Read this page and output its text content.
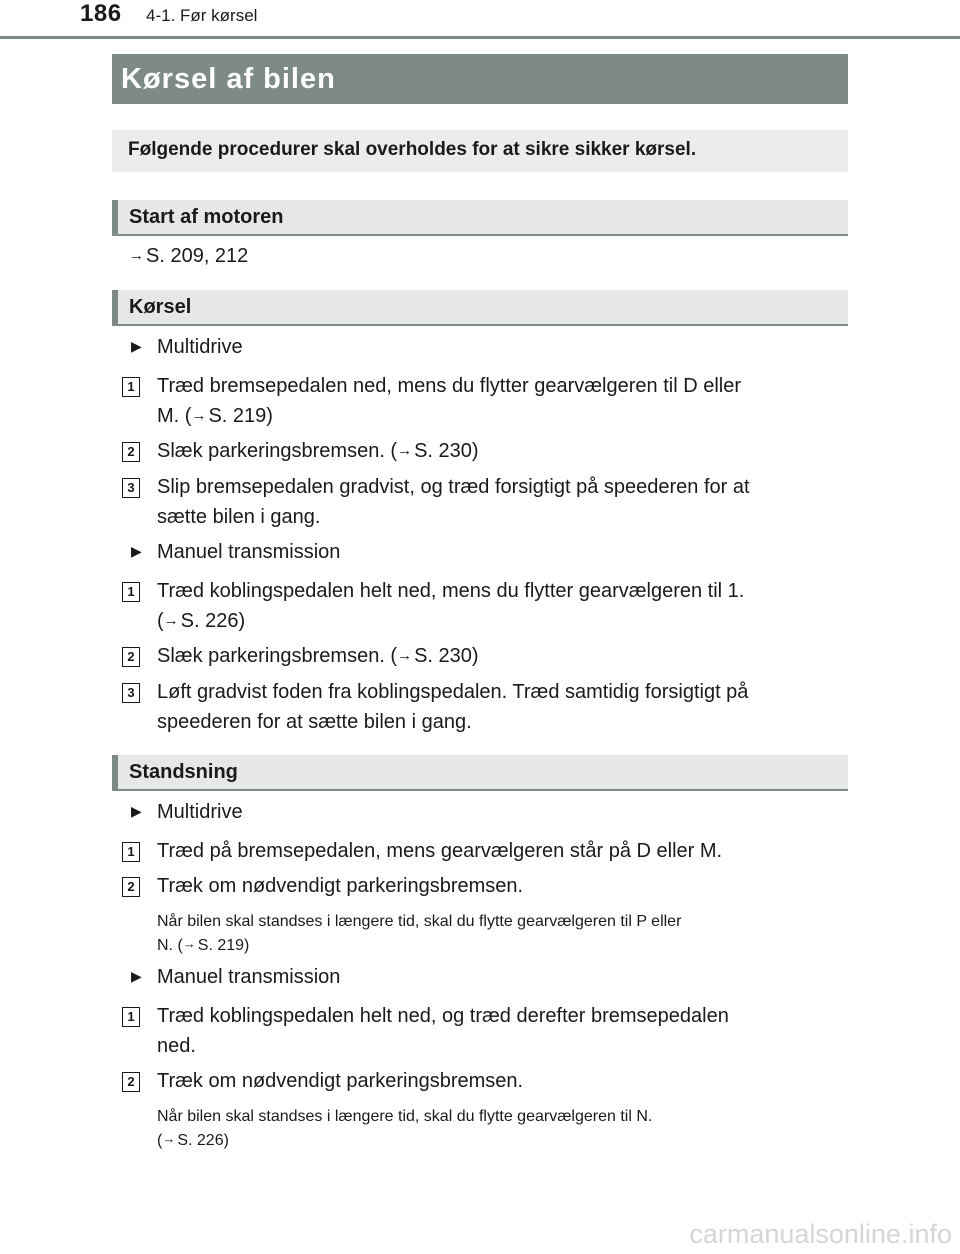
186 4-1. Før kørsel
Kørsel af bilen
Følgende procedurer skal overholdes for at sikre sikker kørsel.
Start af motoren
→ S. 209, 212
Kørsel
▶ Multidrive
1 Træd bremsepedalen ned, mens du flytter gearvælgeren til D eller
M. (→ S. 219)
2 Slæk parkeringsbremsen. (→ S. 230)
3 Slip bremsepedalen gradvist, og træd forsigtigt på speederen for at
sætte bilen i gang.
▶ Manuel transmission
1 Træd koblingspedalen helt ned, mens du flytter gearvælgeren til 1.
(→ S. 226)
2 Slæk parkeringsbremsen. (→ S. 230)
3 Løft gradvist foden fra koblingspedalen. Træd samtidig forsigtigt på
speederen for at sætte bilen i gang.
Standsning
▶ Multidrive
1 Træd på bremsepedalen, mens gearvælgeren står på D eller M.
2 Træk om nødvendigt parkeringsbremsen.
Når bilen skal standses i længere tid, skal du flytte gearvælgeren til P eller
N. (→ S. 219)
▶ Manuel transmission
1 Træd koblingspedalen helt ned, og træd derefter bremsepedalen
ned.
2 Træk om nødvendigt parkeringsbremsen.
Når bilen skal standses i længere tid, skal du flytte gearvælgeren til N.
(→ S. 226)
carmanualsonline.info
